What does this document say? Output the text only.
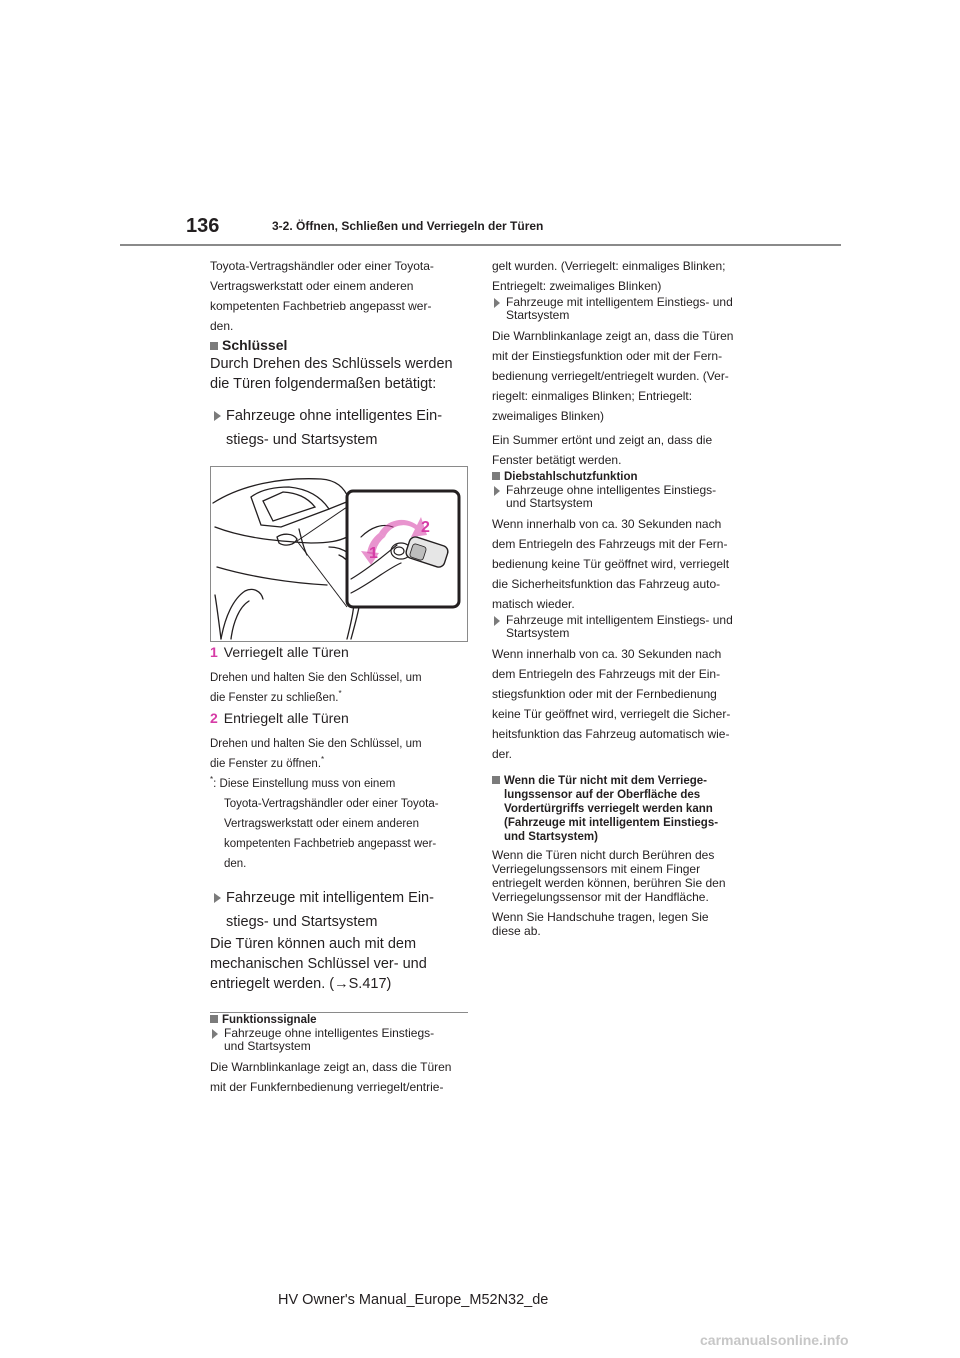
136	3-2. Öffnen, Schließen und Verriegeln der Türen

Toyota-Vertragshändler oder einer Toyota-

Vertragswerkstatt oder einem anderen

kompetenten Fachbetrieb angepasst wer-

den.

Schlüssel

Durch Drehen des Schlüssels werden

die Türen folgendermaßen betätigt:

Fahrzeuge ohne intelligentes Ein-

stiegs- und Startsystem

1
2

1 Verriegelt alle Türen

Drehen und halten Sie den Schlüssel, um

die Fenster zu schließen.*

2 Entriegelt alle Türen

Drehen und halten Sie den Schlüssel, um

die Fenster zu öffnen.*

*: Diese Einstellung muss von einem

Toyota-Vertragshändler oder einer Toyota-

Vertragswerkstatt oder einem anderen

kompetenten Fachbetrieb angepasst wer-

den.

Fahrzeuge mit intelligentem Ein-

stiegs- und Startsystem

Die Türen können auch mit dem

mechanischen Schlüssel ver- und

entriegelt werden. (→S.417)

Funktionssignale

Fahrzeuge ohne intelligentes Einstiegs-

und Startsystem

Die Warnblinkanlage zeigt an, dass die Türen

mit der Funkfernbedienung verriegelt/entrie-

gelt wurden. (Verriegelt: einmaliges Blinken;

Entriegelt: zweimaliges Blinken)

Fahrzeuge mit intelligentem Einstiegs- und

Startsystem

Die Warnblinkanlage zeigt an, dass die Türen

mit der Einstiegsfunktion oder mit der Fern-

bedienung verriegelt/entriegelt wurden. (Ver-

riegelt: einmaliges Blinken; Entriegelt:

zweimaliges Blinken)

Ein Summer ertönt und zeigt an, dass die

Fenster betätigt werden.

Diebstahlschutzfunktion

Fahrzeuge ohne intelligentes Einstiegs-

und Startsystem

Wenn innerhalb von ca. 30 Sekunden nach

dem Entriegeln des Fahrzeugs mit der Fern-

bedienung keine Tür geöffnet wird, verriegelt

die Sicherheitsfunktion das Fahrzeug auto-

matisch wieder.

Fahrzeuge mit intelligentem Einstiegs- und

Startsystem

Wenn innerhalb von ca. 30 Sekunden nach

dem Entriegeln des Fahrzeugs mit der Ein-

stiegsfunktion oder mit der Fernbedienung

keine Tür geöffnet wird, verriegelt die Sicher-

heitsfunktion das Fahrzeug automatisch wie-

der.

Wenn die Tür nicht mit dem Verriege-

lungssensor auf der Oberfläche des

Vordertürgriffs verriegelt werden kann

(Fahrzeuge mit intelligentem Einstiegs-

und Startsystem)

Wenn die Türen nicht durch Berühren des

Verriegelungssensors mit einem Finger

entriegelt werden können, berühren Sie den

Verriegelungssensor mit der Handfläche.

Wenn Sie Handschuhe tragen, legen Sie

diese ab.

HV Owner's Manual_Europe_M52N32_de
carmanualsonline.info
